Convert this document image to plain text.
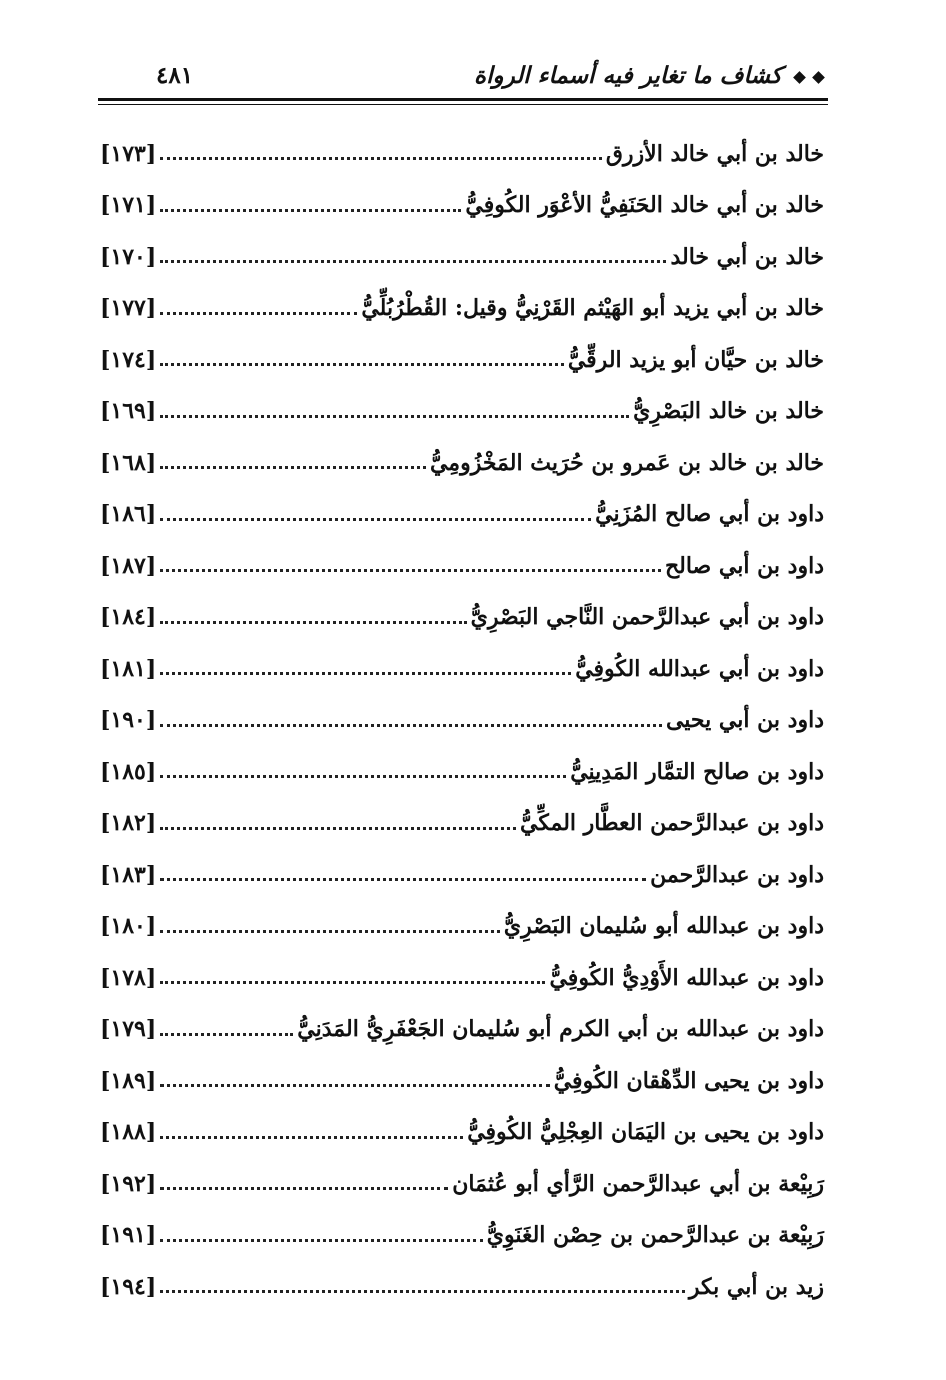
كشاف ما تغاير فيه أسماء الرواة
٤٨١
خالد بن أبي خالد الأزرق
[١٧٣]
خالد بن أبي خالد الحَنَفِيُّ الأعْوَر الكُوفِيُّ
[١٧١]
خالد بن أبي خالد
[١٧٠]
خالد بن أبي يزيد أبو الهَيْثم القَرْنِيُّ وقيل: القُطْرُبُلِّيُّ
[١٧٧]
خالد بن حيَّان أبو يزيد الرقِّيُّ
[١٧٤]
خالد بن خالد البَصْرِيُّ
[١٦٩]
خالد بن خالد بن عَمرو بن حُرَيث المَخْزُومِيُّ
[١٦٨]
داود بن أبي صالح المُزَنِيُّ
[١٨٦]
داود بن أبي صالح
[١٨٧]
داود بن أبي عبدالرَّحمن النَّاجي البَصْرِيُّ
[١٨٤]
داود بن أبي عبدالله الكُوفِيُّ
[١٨١]
داود بن أبي يحيى
[١٩٠]
داود بن صالح التمَّار المَدِينِيُّ
[١٨٥]
داود بن عبدالرَّحمن العطَّار المكِّيُّ
[١٨٢]
داود بن عبدالرَّحمن
[١٨٣]
داود بن عبدالله أبو سُليمان البَصْرِيُّ
[١٨٠]
داود بن عبدالله الأَوْدِيُّ الكُوفِيُّ
[١٧٨]
داود بن عبدالله بن أبي الكرم أبو سُليمان الجَعْفَرِيُّ المَدَنِيُّ
[١٧٩]
داود بن يحيى الدِّهْقان الكُوفِيُّ
[١٨٩]
داود بن يحيى بن اليَمَان العِجْلِيُّ الكُوفِيُّ
[١٨٨]
رَبِيْعة بن أبي عبدالرَّحمن الرَّأي أبو عُثمَان
[١٩٢]
رَبِيْعة بن عبدالرَّحمن بن حِصْن الغَنَوِيُّ
[١٩١]
زيد بن أبي بكر
[١٩٤]
